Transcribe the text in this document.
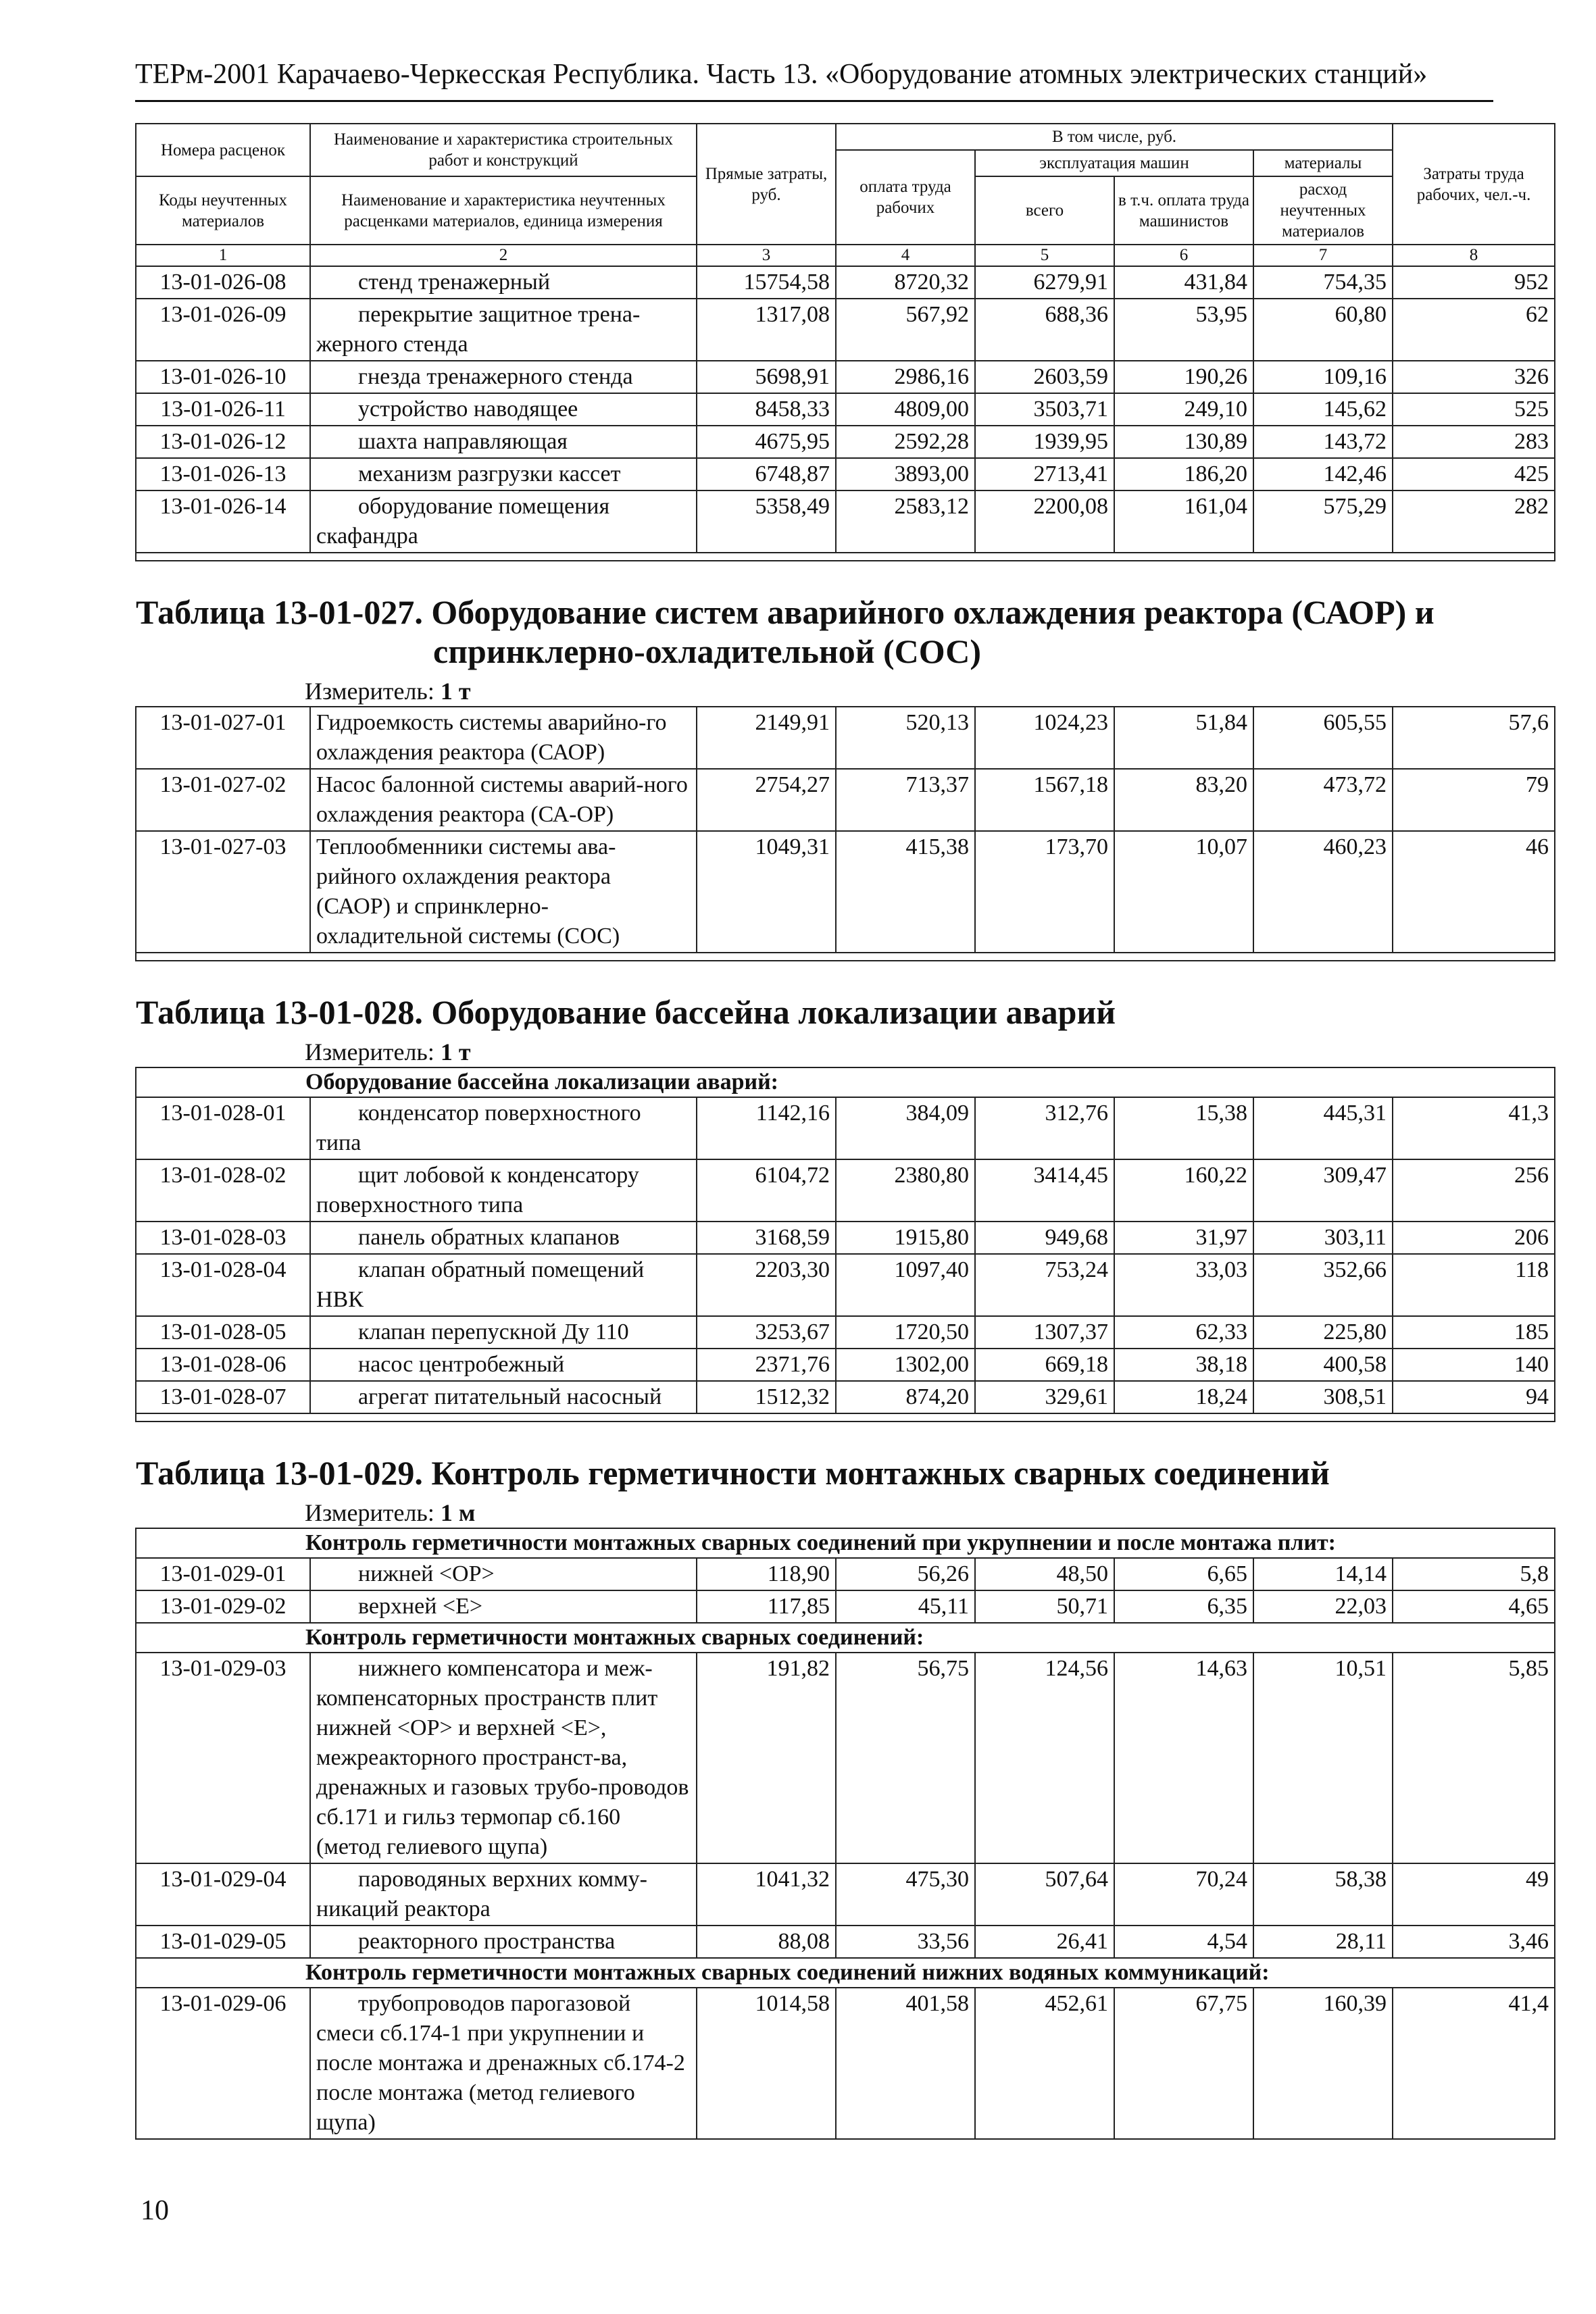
ТЕРм-2001 Карачаево-Черкесская Республика. Часть 13. «Оборудование атомных электрических станций»
Номера расценок	Наименование и характеристика строительных работ и конструкций	Прямые затраты, руб.	В том числе, руб.				Затраты труда рабочих, чел.-ч.
			оплата труда рабочих	эксплуатация машин		материалы	
Коды неучтенных материалов	Наименование и характеристика неучтенных расценками материалов, единица измерения			всего	в т.ч. оплата труда машинистов	расход неучтенных материалов	
1	2	3	4	5	6	7	8
13-01-026-08	стенд тренажерный	15754,58	8720,32	6279,91	431,84	754,35	952
13-01-026-09	перекрытие защитное трена-жерного стенда	1317,08	567,92	688,36	53,95	60,80	62
13-01-026-10	гнезда тренажерного стенда	5698,91	2986,16	2603,59	190,26	109,16	326
13-01-026-11	устройство наводящее	8458,33	4809,00	3503,71	249,10	145,62	525
13-01-026-12	шахта направляющая	4675,95	2592,28	1939,95	130,89	143,72	283
13-01-026-13	механизм разгрузки кассет	6748,87	3893,00	2713,41	186,20	142,46	425
13-01-026-14	оборудование помещения скафандра	5358,49	2583,12	2200,08	161,04	575,29	282

Таблица 13-01-027. Оборудование систем аварийного охлаждения реактора (САОР) и
спринклерно-охладительной (СОС)							

Измеритель: 1 т							
13-01-027-01	Гидроемкость системы аварийно-го охлаждения реактора (САОР)	2149,91	520,13	1024,23	51,84	605,55	57,6
13-01-027-02	Насос балонной системы аварий-ного охлаждения реактора (СА-ОР)	2754,27	713,37	1567,18	83,20	473,72	79
13-01-027-03	Теплообменники системы ава-рийного охлаждения реактора (САОР) и спринклерно-охладительной системы (СОС)	1049,31	415,38	173,70	10,07	460,23	46

Таблица 13-01-028. Оборудование бассейна локализации аварий							
Измеритель: 1 т							
Оборудование бассейна локализации аварий:							
13-01-028-01	конденсатор поверхностного типа	1142,16	384,09	312,76	15,38	445,31	41,3
13-01-028-02	щит лобовой к конденсатору поверхностного типа	6104,72	2380,80	3414,45	160,22	309,47	256
13-01-028-03	панель обратных клапанов	3168,59	1915,80	949,68	31,97	303,11	206
13-01-028-04	клапан обратный помещений НВК	2203,30	1097,40	753,24	33,03	352,66	118
13-01-028-05	клапан перепускной Ду 110	3253,67	1720,50	1307,37	62,33	225,80	185
13-01-028-06	насос центробежный	2371,76	1302,00	669,18	38,18	400,58	140
13-01-028-07	агрегат питательный насосный	1512,32	874,20	329,61	18,24	308,51	94

Таблица 13-01-029. Контроль герметичности монтажных сварных соединений							
Измеритель: 1 м							
Контроль герметичности монтажных сварных соединений при укрупнении и после монтажа плит:							
13-01-029-01	нижней <ОР>	118,90	56,26	48,50	6,65	14,14	5,8
13-01-029-02	верхней <Е>	117,85	45,11	50,71	6,35	22,03	4,65
Контроль герметичности монтажных сварных соединений:							
13-01-029-03	нижнего компенсатора и меж-компенсаторных пространств плит нижней <ОР> и верхней <Е>, межреакторного пространст-ва, дренажных и газовых трубо-проводов сб.171 и гильз термопар сб.160 (метод гелиевого щупа)	191,82	56,75	124,56	14,63	10,51	5,85
13-01-029-04	пароводяных верхних комму-никаций реактора	1041,32	475,30	507,64	70,24	58,38	49
13-01-029-05	реакторного пространства	88,08	33,56	26,41	4,54	28,11	3,46
Контроль герметичности монтажных сварных соединений нижних водяных коммуникаций:							
13-01-029-06	трубопроводов парогазовой смеси сб.174-1 при укрупнении и после монтажа и дренажных сб.174-2 после монтажа (метод гелиевого щупа)	1014,58	401,58	452,61	67,75	160,39	41,4
10
